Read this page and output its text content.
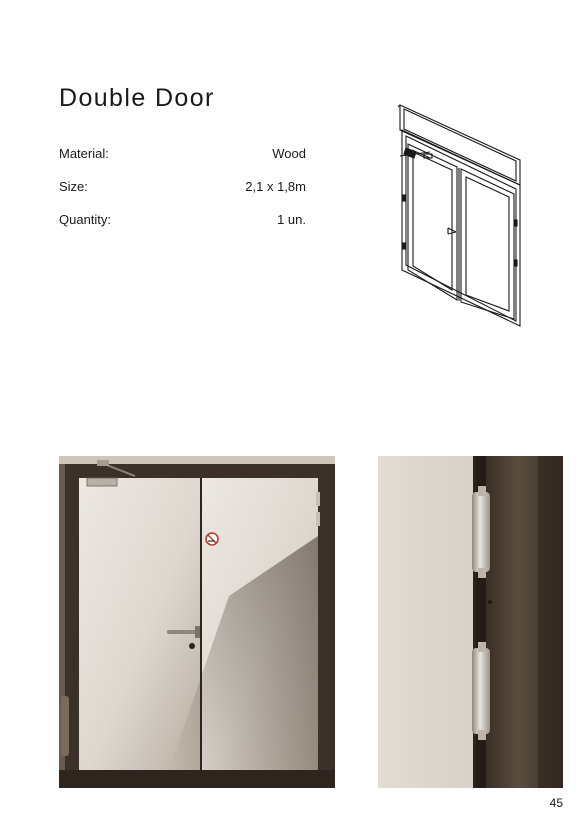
Double Door
Material:	Wood
Size:	2,1 x 1,8m
Quantity:	1 un.
45
